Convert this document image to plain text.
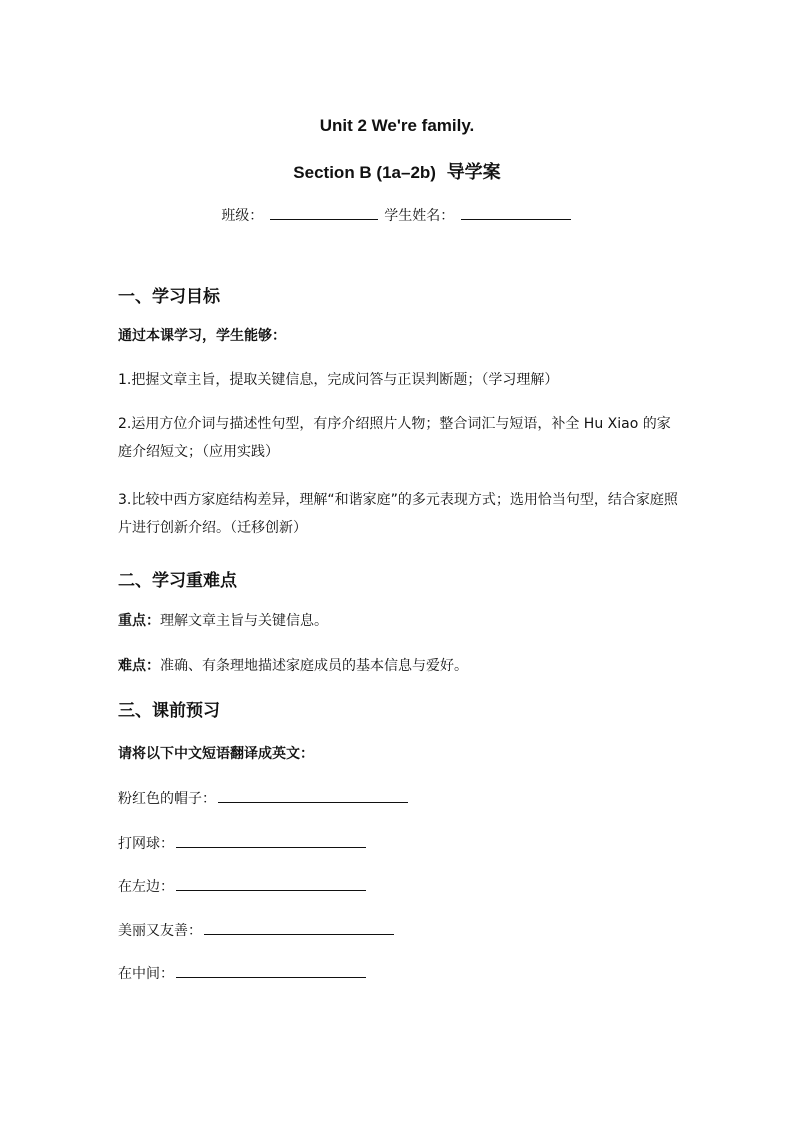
Unit 2 We're family.
Section B (1a–2b) 导学案
班级：	学生姓名：
一、学习目标
通过本课学习，学生能够：
1.把握文章主旨，提取关键信息，完成问答与正误判断题；（学习理解）
2.运用方位介词与描述性句型，有序介绍照片人物；整合词汇与短语，补全 Hu Xiao 的家庭介绍短文；（应用实践）
3.比较中西方家庭结构差异，理解“和谐家庭”的多元表现方式；选用恰当句型，结合家庭照片进行创新介绍。（迁移创新）
二、学习重难点
重点：理解文章主旨与关键信息。
难点：准确、有条理地描述家庭成员的基本信息与爱好。
三、课前预习
请将以下中文短语翻译成英文：
粉红色的帽子：
打网球：
在左边：
美丽又友善：
在中间：
